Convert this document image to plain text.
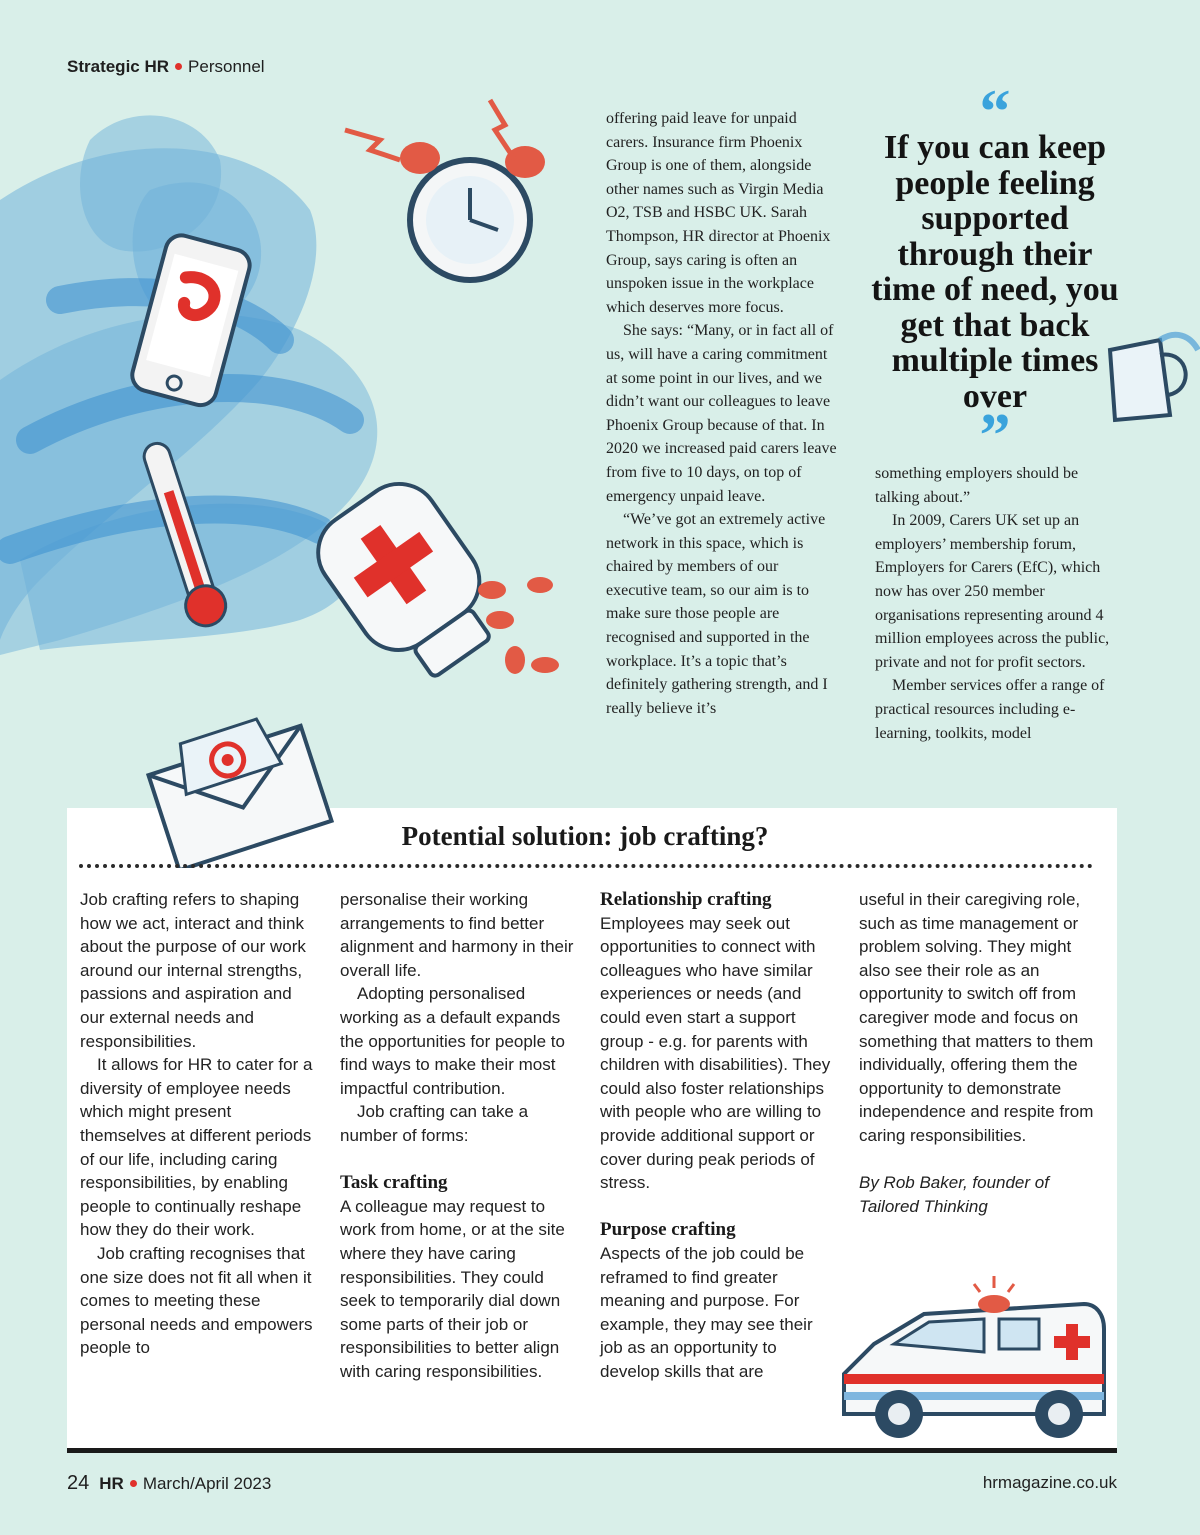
Strategic HR Personnel

offering paid leave for unpaid carers. Insurance firm Phoenix Group is one of them, alongside other names such as Virgin Media O2, TSB and HSBC UK. Sarah Thompson, HR director at Phoenix Group, says caring is often an unspoken issue in the workplace which deserves more focus.

She says: “Many, or in fact all of us, will have a caring commitment at some point in our lives, and we didn’t want our colleagues to leave Phoenix Group because of that. In 2020 we increased paid carers leave from five to 10 days, on top of emergency unpaid leave.

“We’ve got an extremely active network in this space, which is chaired by members of our executive team, so our aim is to make sure those people are recognised and supported in the workplace. It’s a topic that’s definitely gathering strength, and I really believe it’s

“
If you can keep people feeling supported through their time of need, you get that back multiple times over
”

something employers should be talking about.”

In 2009, Carers UK set up an employers’ membership forum, Employers for Carers (EfC), which now has over 250 member organisations representing around 4 million employees across the public, private and not for profit sectors.

Member services offer a range of practical resources including e-learning, toolkits, model

Potential solution: job crafting?

Job crafting refers to shaping how we act, interact and think about the purpose of our work around our internal strengths, passions and aspiration and our external needs and responsibilities.

It allows for HR to cater for a diversity of employee needs which might present themselves at different periods of our life, including caring responsibilities, by enabling people to continually reshape how they do their work.

Job crafting recognises that one size does not fit all when it comes to meeting these personal needs and empowers people to

personalise their working arrangements to find better alignment and harmony in their overall life.

Adopting personalised working as a default expands the opportunities for people to find ways to make their most impactful contribution.

Job crafting can take a number of forms:

Task crafting

A colleague may request to work from home, or at the site where they have caring responsibilities. They could seek to temporarily dial down some parts of their job or responsibilities to better align with caring responsibilities.

Relationship crafting

Employees may seek out opportunities to connect with colleagues who have similar experiences or needs (and could even start a support group - e.g. for parents with children with disabilities). They could also foster relationships with people who are willing to provide additional support or cover during peak periods of stress.

Purpose crafting

Aspects of the job could be reframed to find greater meaning and purpose. For example, they may see their job as an opportunity to develop skills that are

useful in their caregiving role, such as time management or problem solving. They might also see their role as an opportunity to switch off from caregiver mode and focus on something that matters to them individually, offering them the opportunity to demonstrate independence and respite from caring responsibilities.

By Rob Baker, founder of Tailored Thinking

24 HR March/April 2023	hrmagazine.co.uk
